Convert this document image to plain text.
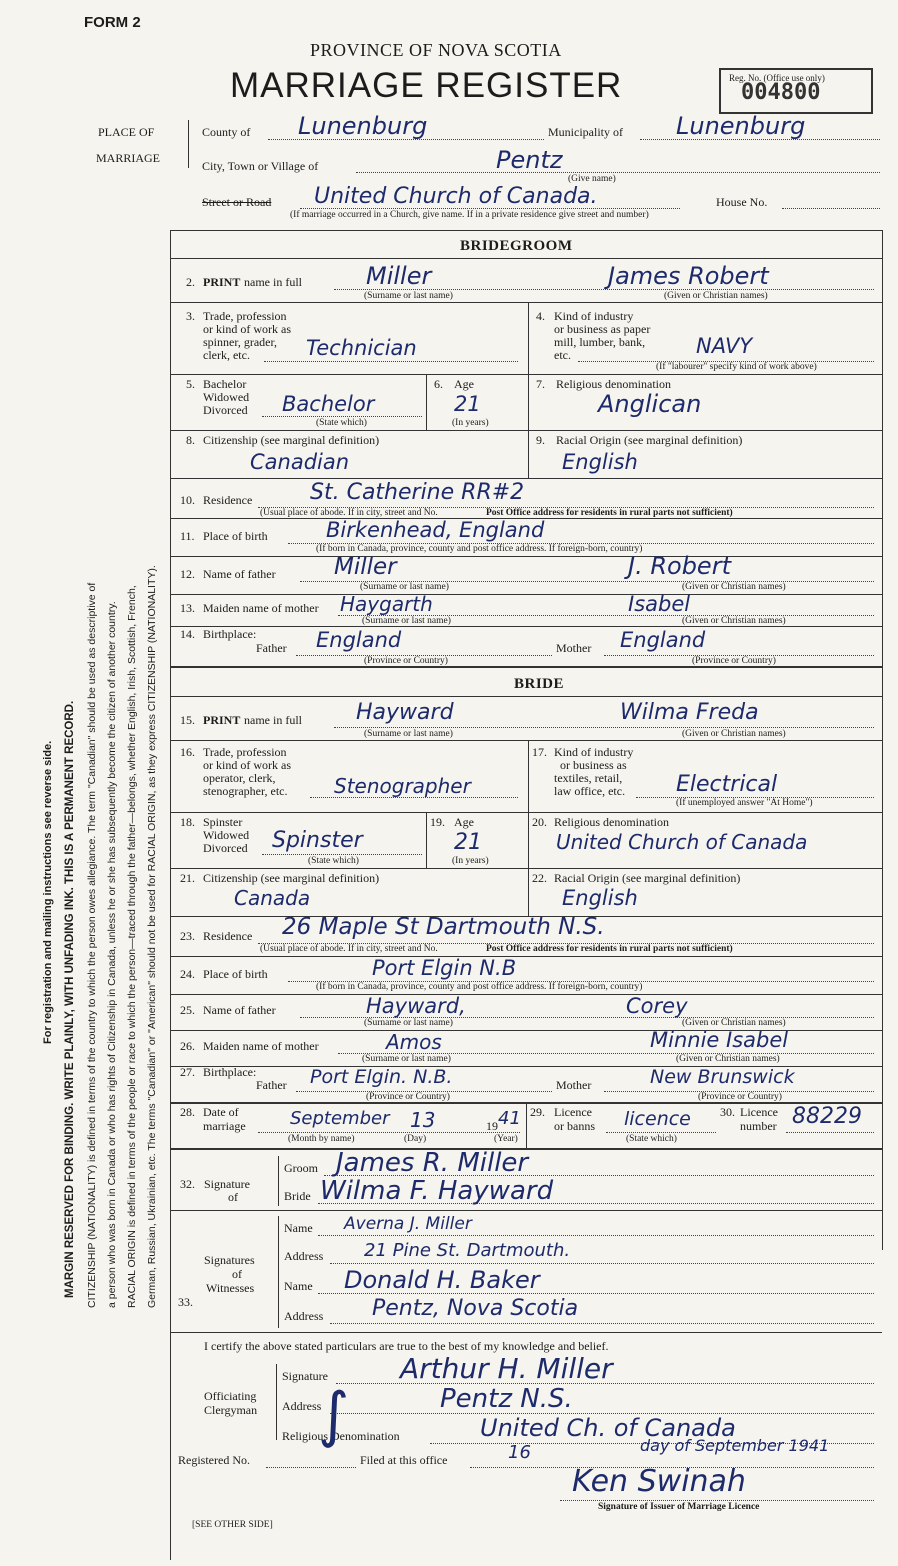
FORM 2
PROVINCE OF NOVA SCOTIA
MARRIAGE REGISTER	Reg. No. (Office use only)
004800
PLACE OF
MARRIAGE
County of Lunenburg	Municipality of Lunenburg
City, Town or Village of	Pentz
(Give name)
Street or Road United Church of Canada.	House No.
(If marriage occurred in a Church, give name. If in a private residence give street and number)
For registration and mailing instructions see reverse side. MARGIN RESERVED FOR BINDING. WRITE PLAINLY, WITH UNFADING INK. THIS IS A PERMANENT RECORD. CITIZENSHIP (NATIONALITY) is defined in terms of the country to which the person owes allegiance. The term "Canadian" should be used as descriptive of a person who was born in Canada or who has rights of Citizenship in Canada, unless he or she has subsequently become the citizen of another country. RACIAL ORIGIN is defined in terms of the people or race to which the person—traced through the father—belongs, whether English, Irish, Scottish, French, German, Russian, Ukrainian, etc. The terms "Canadian" or "American" should not be used for RACIAL ORIGIN, as they express CITIZENSHIP (NATIONALITY).
BRIDEGROOM
2. PRINT name in full	Miller	James Robert
(Surname or last name)	(Given or Christian names)
3. Trade, profession
or kind of work as
spinner, grader,
clerk, etc.	Technician
4. Kind of industry
or business as paper
mill, lumber, bank,
etc.	NAVY
(If "labourer" specify kind of work above)
5. Bachelor
Widowed
Divorced Bachelor
(State which)
6. Age
21
(In years)
7. Religious denomination
Anglican
8. Citizenship (see marginal definition)
Canadian
9. Racial Origin (see marginal definition)
English
10. Residence	St. Catherine RR#2
(Usual place of abode. If in city, street and No.	Post Office address for residents in rural parts not sufficient)
11. Place of birth	Birkenhead, England
(If born in Canada, province, county and post office address. If foreign-born, country)
12. Name of father	Miller	J. Robert
(Surname or last name)	(Given or Christian names)
13. Maiden name of mother Haygarth	Isabel
(Surname or last name)	(Given or Christian names)
14. Birthplace:
Father England	Mother England
(Province or Country)	(Province or Country)
BRIDE
15. PRINT name in full Hayward	Wilma Freda
(Surname or last name)	(Given or Christian names)
16. Trade, profession
or kind of work as
operator, clerk,
stenographer, etc. Stenographer
17. Kind of industry
or business as
textiles, retail,
law office, etc. Electrical
(If unemployed answer "At Home")
18. Spinster
Widowed
Divorced Spinster
(State which)
19. Age
21
(In years)
20. Religious denomination
United Church of Canada
21. Citizenship (see marginal definition)
Canada
22. Racial Origin (see marginal definition)
English
23. Residence 26 Maple St Dartmouth N.S.
(Usual place of abode. If in city, street and No.	Post Office address for residents in rural parts not sufficient)
24. Place of birth	Port Elgin N.B
(If born in Canada, province, county and post office address. If foreign-born, country)
25. Name of father	Hayward,	Corey
(Surname or last name)	(Given or Christian names)
26. Maiden name of mother	Amos	Minnie Isabel
(Surname or last name)	(Given or Christian names)
27. Birthplace:
Father Port Elgin. N.B.	Mother	New Brunswick
(Province or Country)	(Province or Country)
28. Date of
marriage September 13	19 41
(Month by name)	(Day)	(Year)
29. Licence
or banns licence
(State which)
30. Licence
number 88229
32. Signature
of
Groom James R. Miller
Bride Wilma F. Hayward
33.
Signatures
of
Witnesses
Name Averna J. Miller
Address 21 Pine St. Dartmouth.
Name Donald H. Baker
Address Pentz, Nova Scotia
I certify the above stated particulars are true to the best of my knowledge and belief.
Officiating
Clergyman
Signature	Arthur H. Miller
Address	Pentz N.S.
Religious Denomination	United Ch. of Canada
∫
Registered No.	Filed at this office	16	day of September 1941
Ken Swinah
Signature of Issuer of Marriage Licence
[SEE OTHER SIDE]
